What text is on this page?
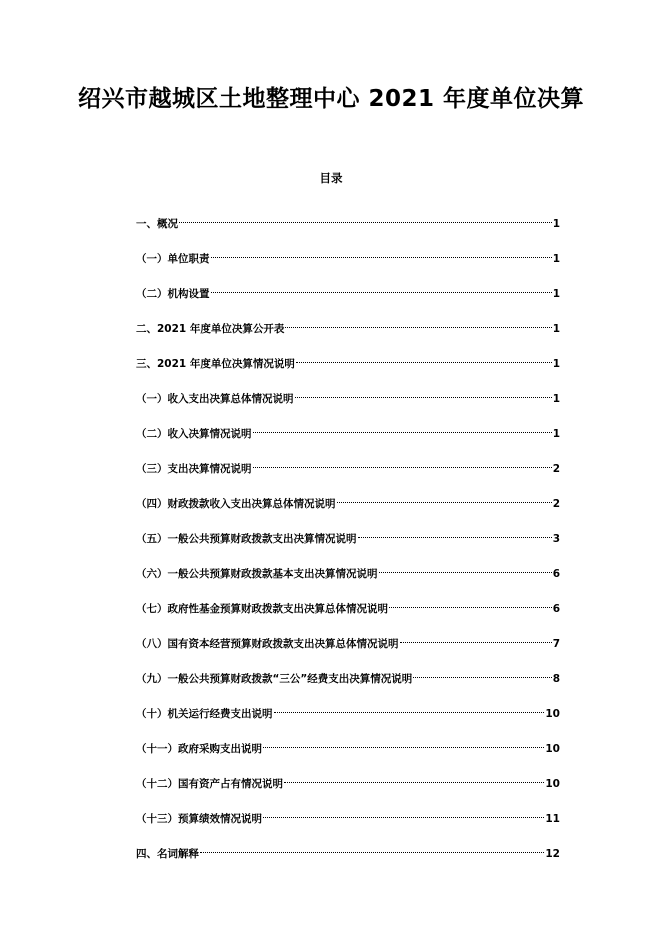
绍兴市越城区土地整理中心 2021 年度单位决算
目录
一、概况	1
（一）单位职责	1
（二）机构设置	1
二、2021 年度单位决算公开表	1
三、2021 年度单位决算情况说明	1
（一）收入支出决算总体情况说明	1
（二）收入决算情况说明	1
（三）支出决算情况说明	2
（四）财政拨款收入支出决算总体情况说明	2
（五）一般公共预算财政拨款支出决算情况说明	3
（六）一般公共预算财政拨款基本支出决算情况说明	6
（七）政府性基金预算财政拨款支出决算总体情况说明	6
（八）国有资本经营预算财政拨款支出决算总体情况说明	7
（九）一般公共预算财政拨款“三公”经费支出决算情况说明	8
（十）机关运行经费支出说明	10
（十一）政府采购支出说明	10
（十二）国有资产占有情况说明	10
（十三）预算绩效情况说明	11
四、名词解释	12
